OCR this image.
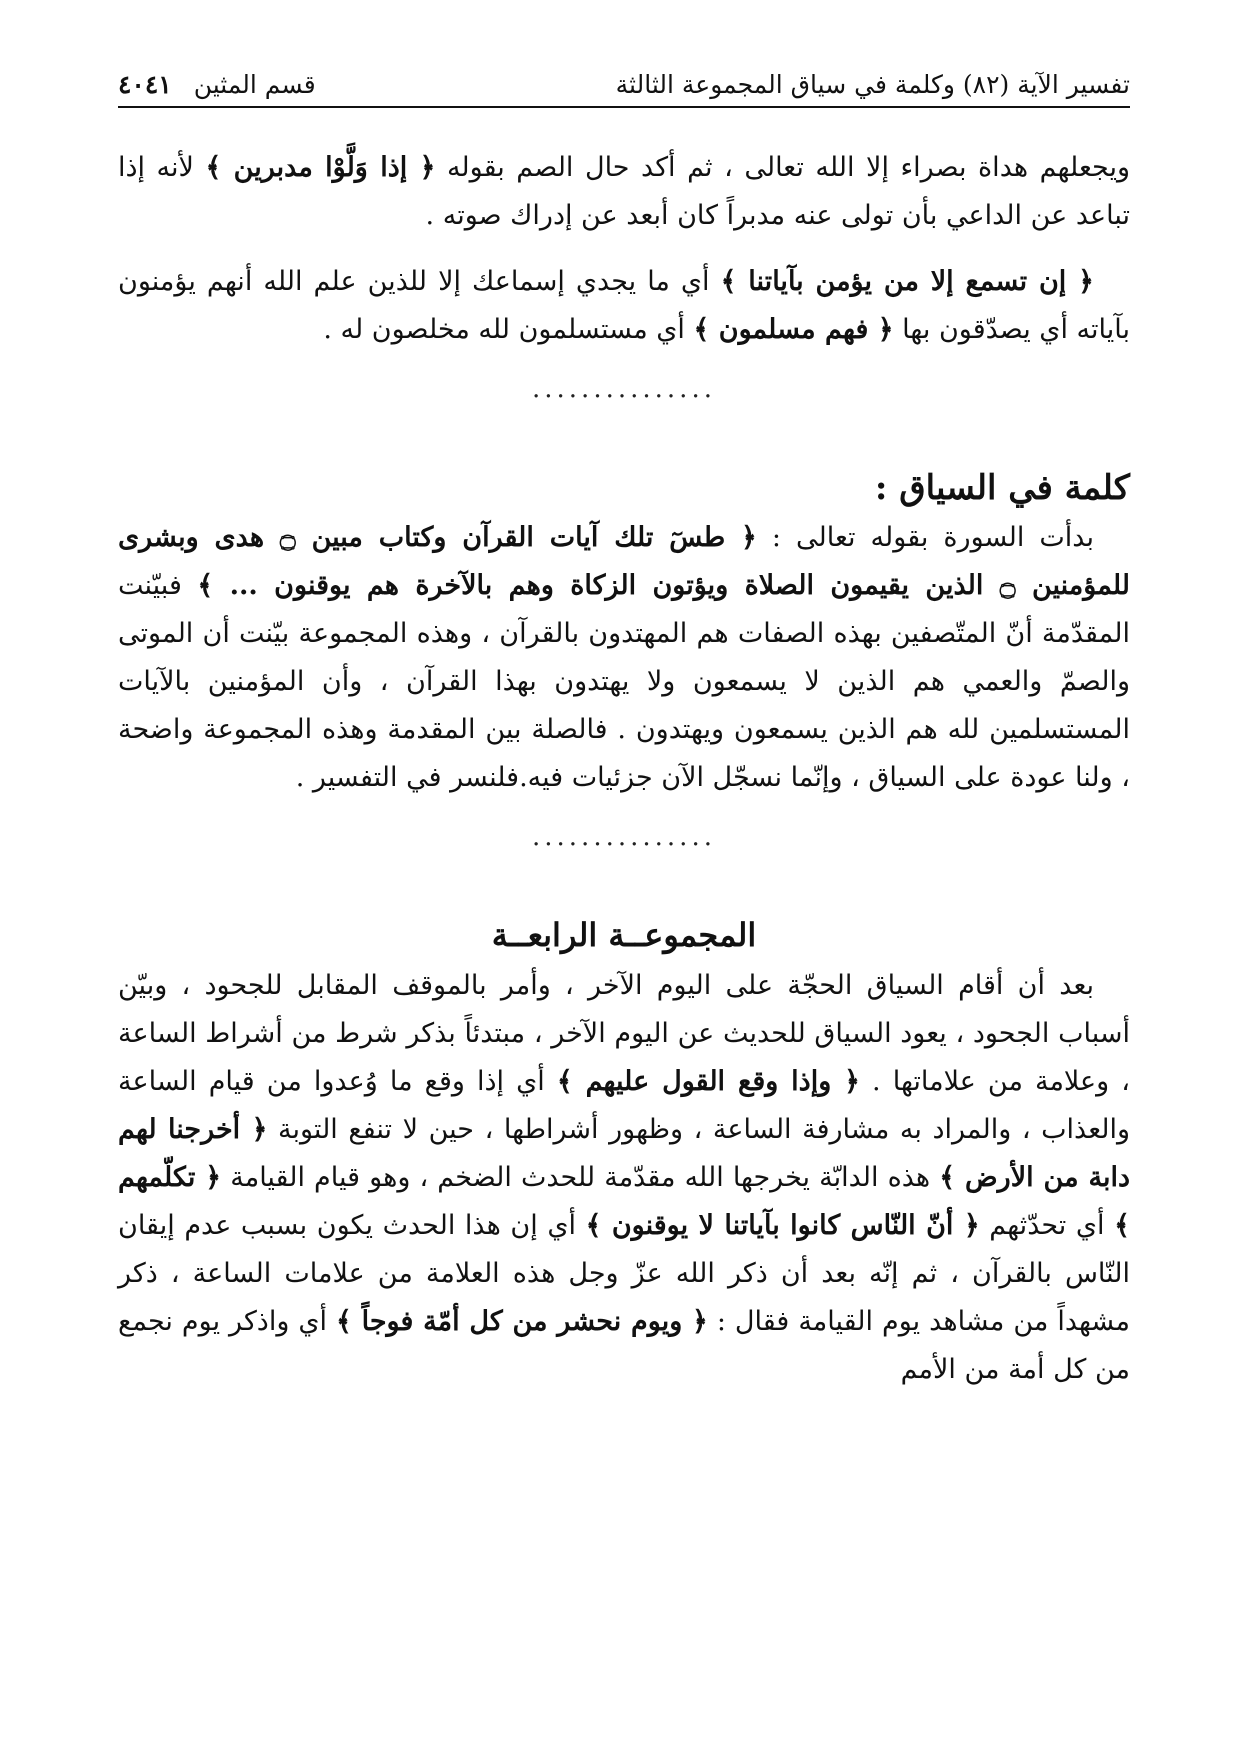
تفسير الآية (٨٢) وكلمة في سياق المجموعة الثالثة
قسم المثين٤٠٤١

ويجعلهم هداة بصراء إلا الله تعالى ، ثم أكد حال الصم بقوله ﴿ إذا وَلَّوْا مدبرين ﴾ لأنه إذا تباعد عن الداعي بأن تولى عنه مدبراً كان أبعد عن إدراك صوته .

﴿ إن تسمع إلا من يؤمن بآياتنا ﴾ أي ما يجدي إسماعك إلا للذين علم الله أنهم يؤمنون بآياته أي يصدّقون بها ﴿ فهم مسلمون ﴾ أي مستسلمون لله مخلصون له .

...............
كلمة في السياق :

بدأت السورة بقوله تعالى : ﴿ طسٓ تلك آيات القرآن وكتاب مبين ۝ هدى وبشرى للمؤمنين ۝ الذين يقيمون الصلاة ويؤتون الزكاة وهم بالآخرة هم يوقنون ... ﴾ فبيّنت المقدّمة أنّ المتّصفين بهذه الصفات هم المهتدون بالقرآن ، وهذه المجموعة بيّنت أن الموتى والصمّ والعمي هم الذين لا يسمعون ولا يهتدون بهذا القرآن ، وأن المؤمنين بالآيات المستسلمين لله هم الذين يسمعون ويهتدون . فالصلة بين المقدمة وهذه المجموعة واضحة ، ولنا عودة على السياق ، وإنّما نسجّل الآن جزئيات فيه.فلنسر في التفسير .

...............
المجموعــة الرابعــة

بعد أن أقام السياق الحجّة على اليوم الآخر ، وأمر بالموقف المقابل للجحود ، وبيّن أسباب الجحود ، يعود السياق للحديث عن اليوم الآخر ، مبتدئاً بذكر شرط من أشراط الساعة ، وعلامة من علاماتها . ﴿ وإذا وقع القول عليهم ﴾ أي إذا وقع ما وُعدوا من قيام الساعة والعذاب ، والمراد به مشارفة الساعة ، وظهور أشراطها ، حين لا تنفع التوبة ﴿ أخرجنا لهم دابة من الأرض ﴾ هذه الدابّة يخرجها الله مقدّمة للحدث الضخم ، وهو قيام القيامة ﴿ تكلّمهم ﴾ أي تحدّثهم ﴿ أنّ النّاس كانوا بآياتنا لا يوقنون ﴾ أي إن هذا الحدث يكون بسبب عدم إيقان النّاس بالقرآن ، ثم إنّه بعد أن ذكر الله عزّ وجل هذه العلامة من علامات الساعة ، ذكر مشهداً من مشاهد يوم القيامة فقال : ﴿ ويوم نحشر من كل أمّة فوجاً ﴾ أي واذكر يوم نجمع من كل أمة من الأمم
